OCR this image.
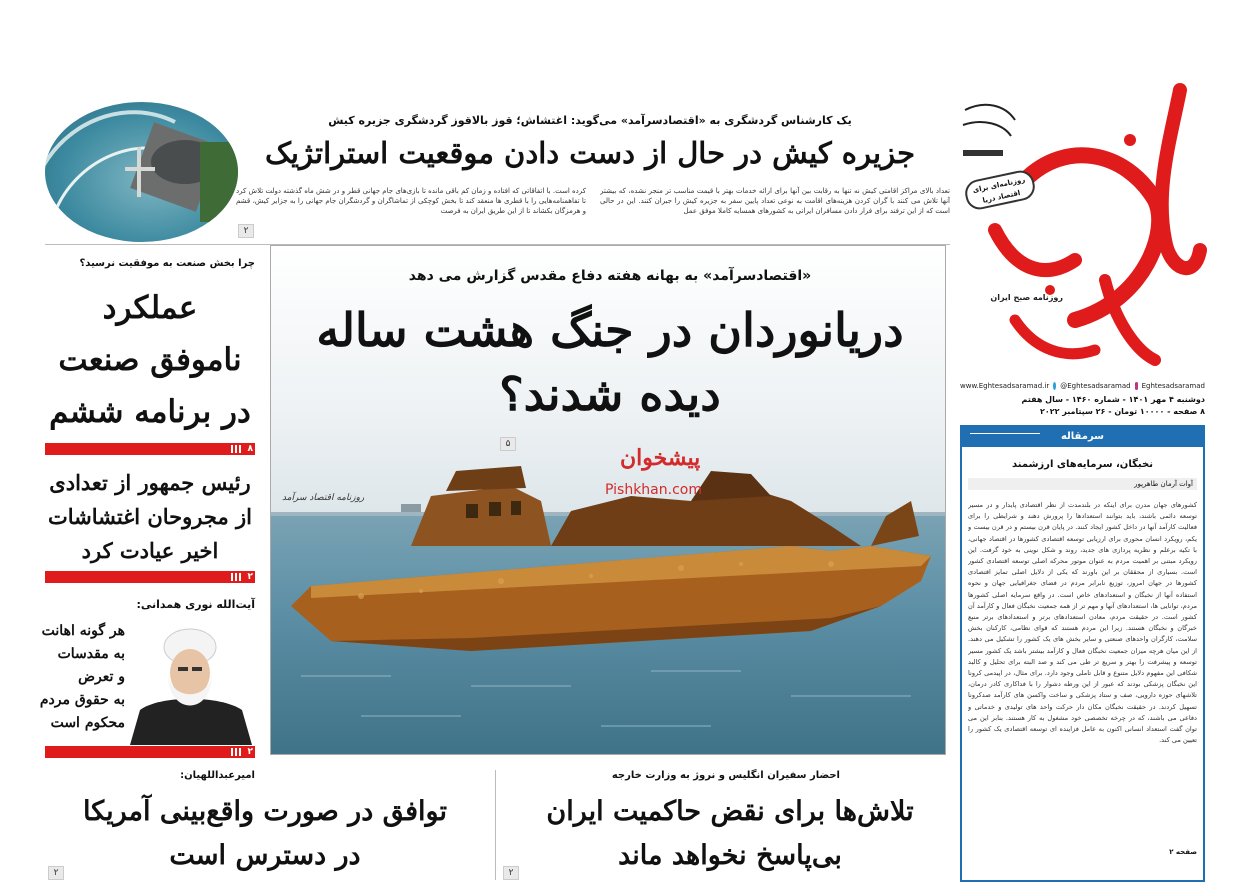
روزنامه‌ای برای اقتصاد دریا
روزنامه صبح ایران
www.Eghtesadsaramad.ir @Eghtesadsaramad Eghtesadsaramad
دوشنبه ۴ مهر ۱۴۰۱ - شماره ۱۴۶۰ - سال هفتم
۸ صفحه - ۱۰۰۰۰ تومان - ۲۶ سپتامبر ۲۰۲۲
سرمقاله
نخبگان، سرمایه‌های ارزشمند
آوات آرمان طاهرپور
کشورهای جهان مدرن برای اینکه در بلندمدت از نظر اقتصادی پایدار و در مسیر توسعه دائمی باشند، باید بتوانند استعدادها را پرورش دهند و شرایطی را برای فعالیت کارآمد آنها در داخل کشور ایجاد کنند. در پایان قرن بیستم و در قرن بیست و یکم، رویکرد انسان محوری برای ارزیابی توسعه اقتصادی کشورها در اقتصاد جهانی، با تکیه برعلم و نظریه پردازی های جدید، روند و شکل نوینی به خود گرفت. این رویکرد مبتنی بر اهمیت مردم به عنوان موتور محرکه اصلی توسعه اقتصادی کشور است. بسیاری از محققان بر این باورند که یکی از دلایل اصلی تمایز اقتصادی کشورها در جهان امروز، توزیع نابرابر مردم در فضای جغرافیایی جهان و نحوه استفاده آنها از نخبگان و استعدادهای خاص است. در واقع سرمایه اصلی کشورها مردم، توانایی ها، استعدادهای آنها و مهم تر از همه جمعیت نخبگان فعال و کارآمد آن کشور است. در حقیقت مردم، معادن استعدادهای برتر و استعدادهای برتر منبع خبرگان و نخبگان هستند. زیرا این مردم هستند که قوای نظامی، کارکنان بخش سلامت، کارگران واحدهای صنعتی و سایر بخش های یک کشور را تشکیل می دهند. از این میان هرچه میزان جمعیت نخبگان فعال و کارآمد بیشتر باشد یک کشور مسیر توسعه و پیشرفت را بهتر و سریع تر طی می کند و صد البته برای تحلیل و کالبد شکافی این مفهوم دلایل متنوع و قابل تاملی وجود دارد. برای مثال، در اپیدمی کرونا این نخبگان پزشکی بودند که عبور از این ورطه دشوار را با فداکاری کادر درمان، تلاشهای حوزه دارویی، صف و ستاد پزشکی و ساخت واکسن های کارآمد صدکرونا تسهیل کردند. در حقیقت نخبگان مکان دار حرکت واحد های تولیدی و خدماتی و دفاعی می باشند، که در چرخه تخصصی خود مشغول به کار هستند. بنابر این می توان گفت استعداد انسانی اکنون به عامل فزاینده ای توسعه اقتصادی یک کشور را تعیین می کند.
صفحه ۲
۲
یک کارشناس گردشگری به «اقتصادسرآمد» می‌گوید: اغتشاش؛ قوز بالاقوز گردشگری جزیره کیش
جزیره کیش در حال از دست دادن موقعیت استراتژیک
تعداد بالای مراکز اقامتی کیش نه تنها به رقابت بین آنها برای ارائه خدمات بهتر با قیمت مناسب تر منجر نشده، که بیشتر آنها تلاش می کنند با گران کردن هزینه‌های اقامت به نوعی تعداد پایین سفر به جزیره کیش را جبران کنند. این در حالی است که از این ترفند برای فرار دادن مسافران ایرانی به کشورهای همسایه کاملا موفق عمل
کرده است. با اتفاقاتی که افتاده و زمان کم باقی مانده تا بازی‌های جام جهانی قطر و در شش ماه گذشته دولت تلاش کرد تا تفاهمنامه‌هایی را با قطری ها منعقد کند تا بخش کوچکی از تماشاگران و گردشگران جام جهانی را به جزایر کیش، قشم و هرمزگان بکشاند تا از این طریق ایران به فرصت
«اقتصادسرآمد» به بهانه هفته دفاع مقدس گزارش می دهد
دریانوردان در جنگ هشت ساله
دیده شدند؟
۵
پیشخوان
Pishkhan.com
روزنامه اقتصاد سرآمد
چرا بخش صنعت به موفقیت نرسید؟
عملکرد
ناموفق صنعت
در برنامه ششم
۸
رئیس جمهور از تعدادی
از مجروحان اغتشاشات
اخیر عیادت کرد
۲
آیت‌الله نوری همدانی:
هر گونه اهانت
به مقدسات
و تعرض
به حقوق مردم
محکوم است
۲
احضار سفیران انگلیس و نروژ به وزارت خارجه
تلاش‌ها برای نقض حاکمیت ایران
بی‌پاسخ نخواهد ماند
۲
امیرعبداللهیان:
توافق در صورت واقع‌بینی آمریکا
در دسترس است
۲
